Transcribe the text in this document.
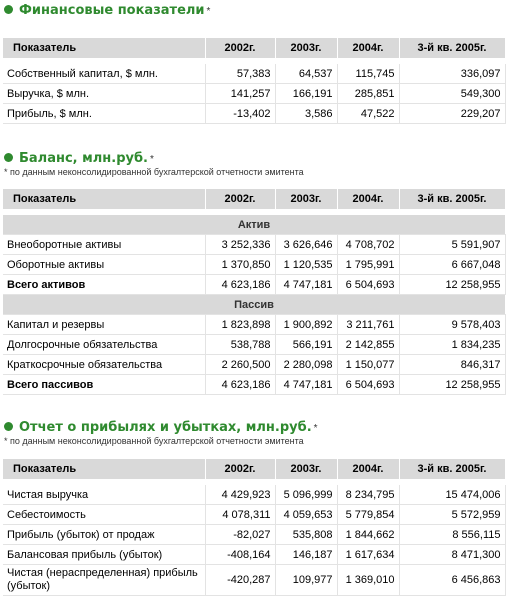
Финансовые показатели *
Показатель	2002г.	2003г.	2004г.	3-й кв. 2005г.

Собственный капитал, $ млн.	57,383	64,537	115,745	336,097
Выручка, $ млн.	141,257	166,191	285,851	549,300
Прибыль, $ млн.	-13,402	3,586	47,522	229,207
Баланс, млн.руб. *
* по данным неконсолидированной бухгалтерской отчетности эмитента
Показатель	2002г.	2003г.	2004г.	3-й кв. 2005г.

Актив				
Внеоборотные активы	3 252,336	3 626,646	4 708,702	5 591,907
Оборотные активы	1 370,850	1 120,535	1 795,991	6 667,048
Всего активов	4 623,186	4 747,181	6 504,693	12 258,955
Пассив				
Капитал и резервы	1 823,898	1 900,892	3 211,761	9 578,403
Долгосрочные обязательства	538,788	566,191	2 142,855	1 834,235
Краткосрочные обязательства	2 260,500	2 280,098	1 150,077	846,317
Всего пассивов	4 623,186	4 747,181	6 504,693	12 258,955
Отчет о прибылях и убытках, млн.руб. *
* по данным неконсолидированной бухгалтерской отчетности эмитента
Показатель	2002г.	2003г.	2004г.	3-й кв. 2005г.

Чистая выручка	4 429,923	5 096,999	8 234,795	15 474,006
Себестоимость	4 078,311	4 059,653	5 779,854	5 572,959
Прибыль (убыток) от продаж	-82,027	535,808	1 844,662	8 556,115
Балансовая прибыль (убыток)	-408,164	146,187	1 617,634	8 471,300
Чистая (нераспределенная) прибыль (убыток)	-420,287	109,977	1 369,010	6 456,863
